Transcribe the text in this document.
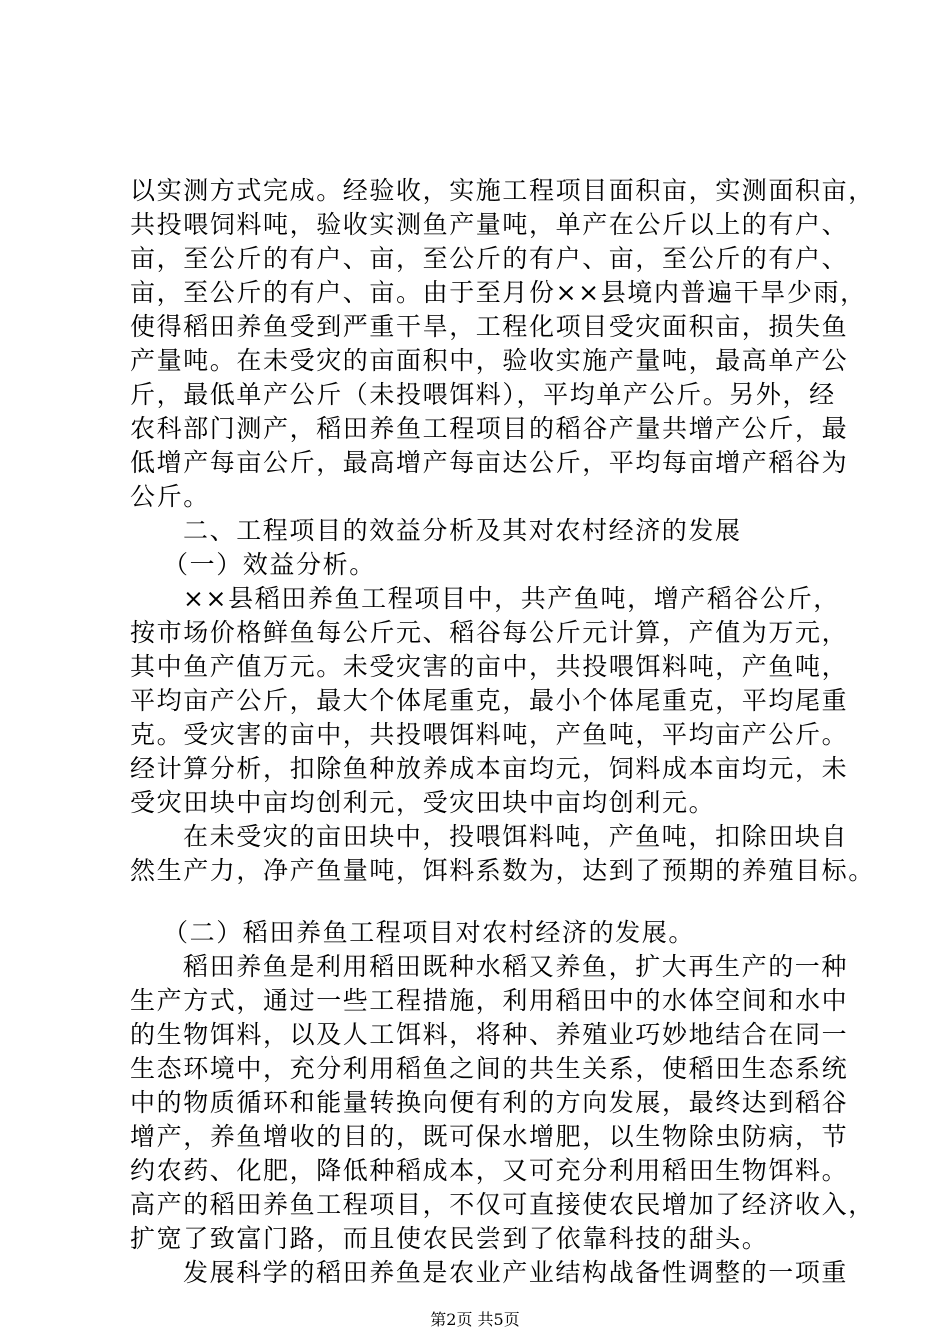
以实测方式完成。经验收，实施工程项目面积亩，实测面积亩，
共投喂饲料吨，验收实测鱼产量吨，单产在公斤以上的有户、
亩，至公斤的有户、亩，至公斤的有户、亩，至公斤的有户、
亩，至公斤的有户、亩。由于至月份××县境内普遍干旱少雨，
使得稻田养鱼受到严重干旱，工程化项目受灾面积亩，损失鱼
产量吨。在未受灾的亩面积中，验收实施产量吨，最高单产公
斤，最低单产公斤（未投喂饵料），平均单产公斤。另外，经
农科部门测产，稻田养鱼工程项目的稻谷产量共增产公斤，最
低增产每亩公斤，最高增产每亩达公斤，平均每亩增产稻谷为
公斤。
二、工程项目的效益分析及其对农村经济的发展
（一）效益分析。
××县稻田养鱼工程项目中，共产鱼吨，增产稻谷公斤，
按市场价格鲜鱼每公斤元、稻谷每公斤元计算，产值为万元，
其中鱼产值万元。未受灾害的亩中，共投喂饵料吨，产鱼吨，
平均亩产公斤，最大个体尾重克，最小个体尾重克，平均尾重
克。受灾害的亩中，共投喂饵料吨，产鱼吨，平均亩产公斤。
经计算分析，扣除鱼种放养成本亩均元，饲料成本亩均元，未
受灾田块中亩均创利元，受灾田块中亩均创利元。
在未受灾的亩田块中，投喂饵料吨，产鱼吨，扣除田块自
然生产力，净产鱼量吨，饵料系数为，达到了预期的养殖目标。
（二）稻田养鱼工程项目对农村经济的发展。
稻田养鱼是利用稻田既种水稻又养鱼，扩大再生产的一种
生产方式，通过一些工程措施，利用稻田中的水体空间和水中
的生物饵料，以及人工饵料，将种、养殖业巧妙地结合在同一
生态环境中，充分利用稻鱼之间的共生关系，使稻田生态系统
中的物质循环和能量转换向便有利的方向发展，最终达到稻谷
增产，养鱼增收的目的，既可保水增肥，以生物除虫防病，节
约农药、化肥，降低种稻成本，又可充分利用稻田生物饵料。
高产的稻田养鱼工程项目，不仅可直接使农民增加了经济收入，
扩宽了致富门路，而且使农民尝到了依靠科技的甜头。
发展科学的稻田养鱼是农业产业结构战备性调整的一项重
第2页 共5页
